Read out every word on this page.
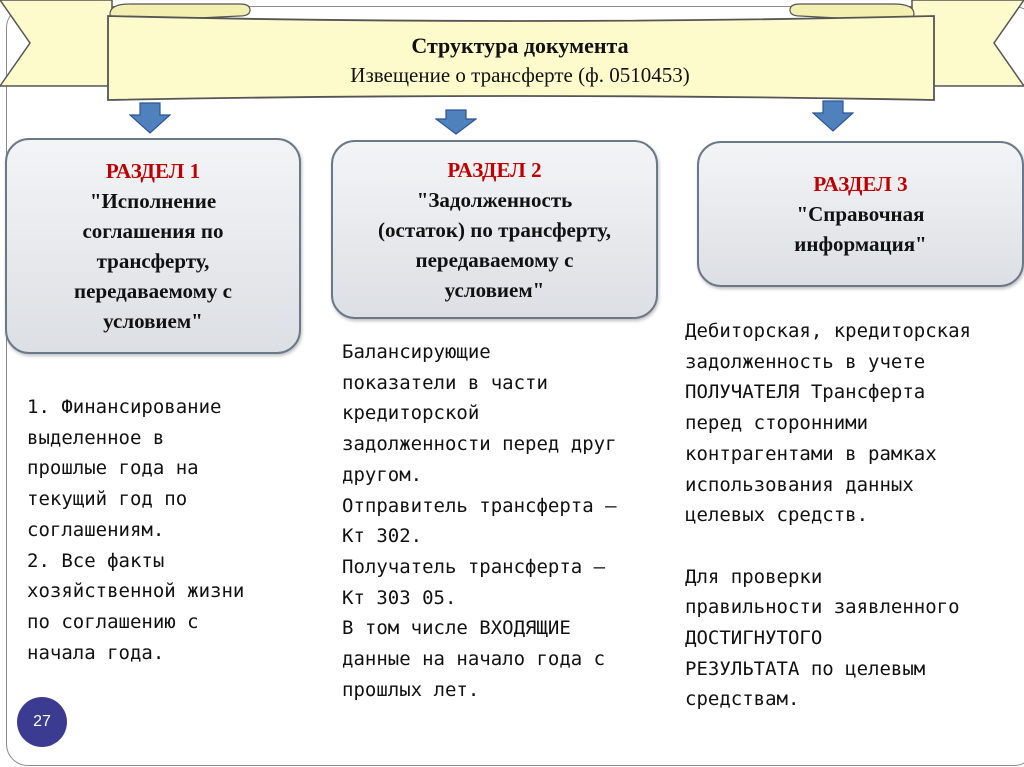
Структура документа
Извещение о трансферте (ф. 0510453)
РАЗДЕЛ 1
"Исполнение
соглашения по
трансферту,
передаваемому с
условием"
РАЗДЕЛ 2
"Задолженность
(остаток) по трансферту,
передаваемому с
условием"
РАЗДЕЛ 3
"Справочная
информация"
1. Финансирование
выделенное в
прошлые года на
текущий год по
соглашениям.
2. Все факты
хозяйственной жизни
по соглашению с
начала года.
Балансирующие
показатели в части
кредиторской
задолженности перед друг
другом.
Отправитель трансферта –
Кт 302.
Получатель трансферта –
Кт 303 05.
В том числе ВХОДЯЩИЕ
данные на начало года с
прошлых лет.
Дебиторская, кредиторская
задолженность в учете
ПОЛУЧАТЕЛЯ Трансферта
перед сторонними
контрагентами в рамках
использования данных
целевых средств.

Для проверки
правильности заявленного
ДОСТИГНУТОГО
РЕЗУЛЬТАТА по целевым
средствам.
27
